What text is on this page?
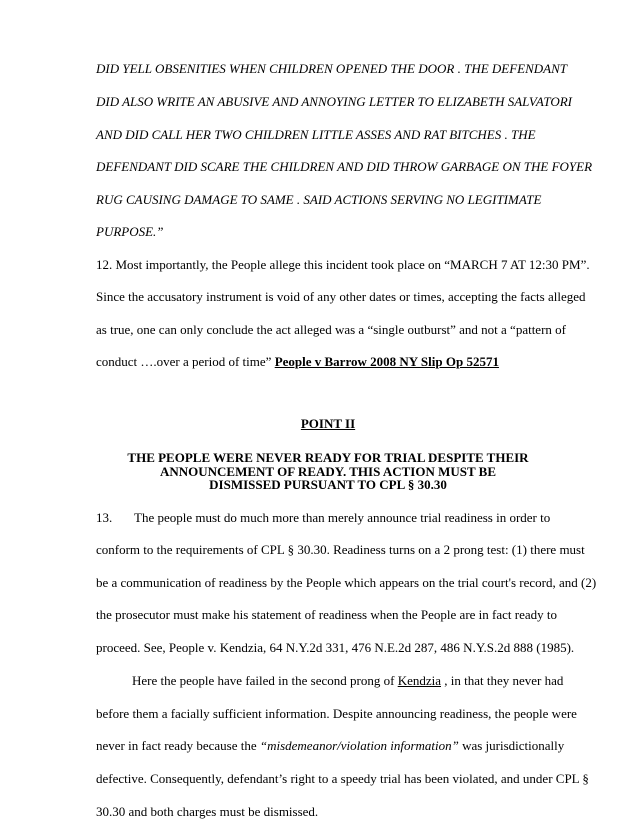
DID YELL OBSENITIES WHEN CHILDREN OPENED THE DOOR . THE DEFENDANT
DID ALSO WRITE AN ABUSIVE AND ANNOYING LETTER TO ELIZABETH SALVATORI
AND DID CALL HER TWO CHILDREN LITTLE ASSES AND RAT BITCHES . THE
DEFENDANT DID SCARE THE CHILDREN AND DID THROW GARBAGE ON THE FOYER
RUG CAUSING DAMAGE TO SAME . SAID ACTIONS SERVING NO LEGITIMATE
PURPOSE.”
12. Most importantly, the People allege this incident took place on “MARCH 7 AT 12:30 PM”.
Since the accusatory instrument is void of any other dates or times, accepting the facts alleged
as true, one can only conclude the act alleged was a “single outburst” and not a “pattern of
conduct ….over a period of time” People v Barrow 2008 NY Slip Op 52571
POINT II
THE PEOPLE WERE NEVER READY FOR TRIAL DESPITE THEIR
ANNOUNCEMENT OF READY. THIS ACTION MUST BE
DISMISSED PURSUANT TO CPL § 30.30
13. The people must do much more than merely announce trial readiness in order to
conform to the requirements of CPL § 30.30. Readiness turns on a 2 prong test: (1) there must
be a communication of readiness by the People which appears on the trial court's record, and (2)
the prosecutor must make his statement of readiness when the People are in fact ready to
proceed. See, People v. Kendzia, 64 N.Y.2d 331, 476 N.E.2d 287, 486 N.Y.S.2d 888 (1985).
Here the people have failed in the second prong of Kendzia , in that they never had
before them a facially sufficient information. Despite announcing readiness, the people were
never in fact ready because the “misdemeanor/violation information” was jurisdictionally
defective. Consequently, defendant’s right to a speedy trial has been violated, and under CPL §
30.30 and both charges must be dismissed.
